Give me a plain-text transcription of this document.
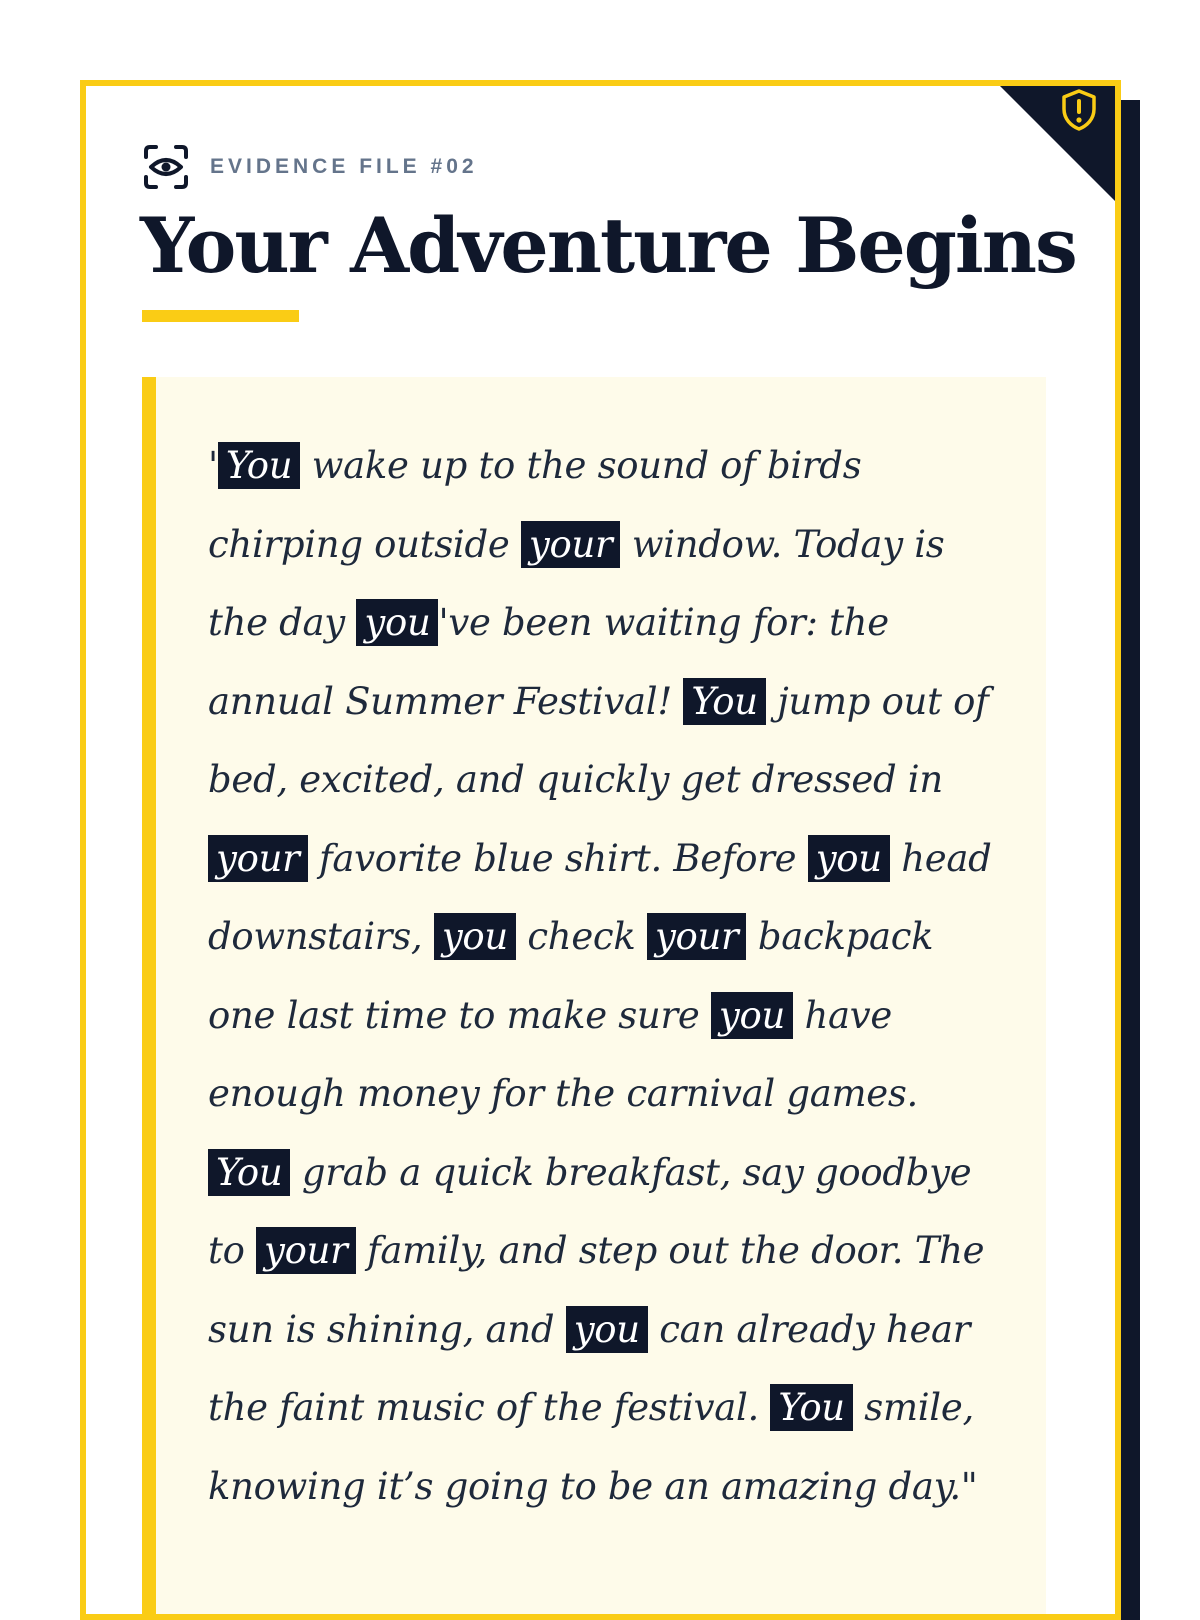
EVIDENCE FILE #02
Your Adventure Begins

' You wake up to the sound of birds chirping outside your window. Today is the day you 've been waiting for: the annual Summer Festival! You jump out of bed, excited, and quickly get dressed in your favorite blue shirt. Before you head downstairs, you check your backpack one last time to make sure you have enough money for the carnival games. You grab a quick breakfast, say goodbye to your family, and step out the door. The sun is shining, and you can already hear the faint music of the festival. You smile, knowing it’s going to be an amazing day."
